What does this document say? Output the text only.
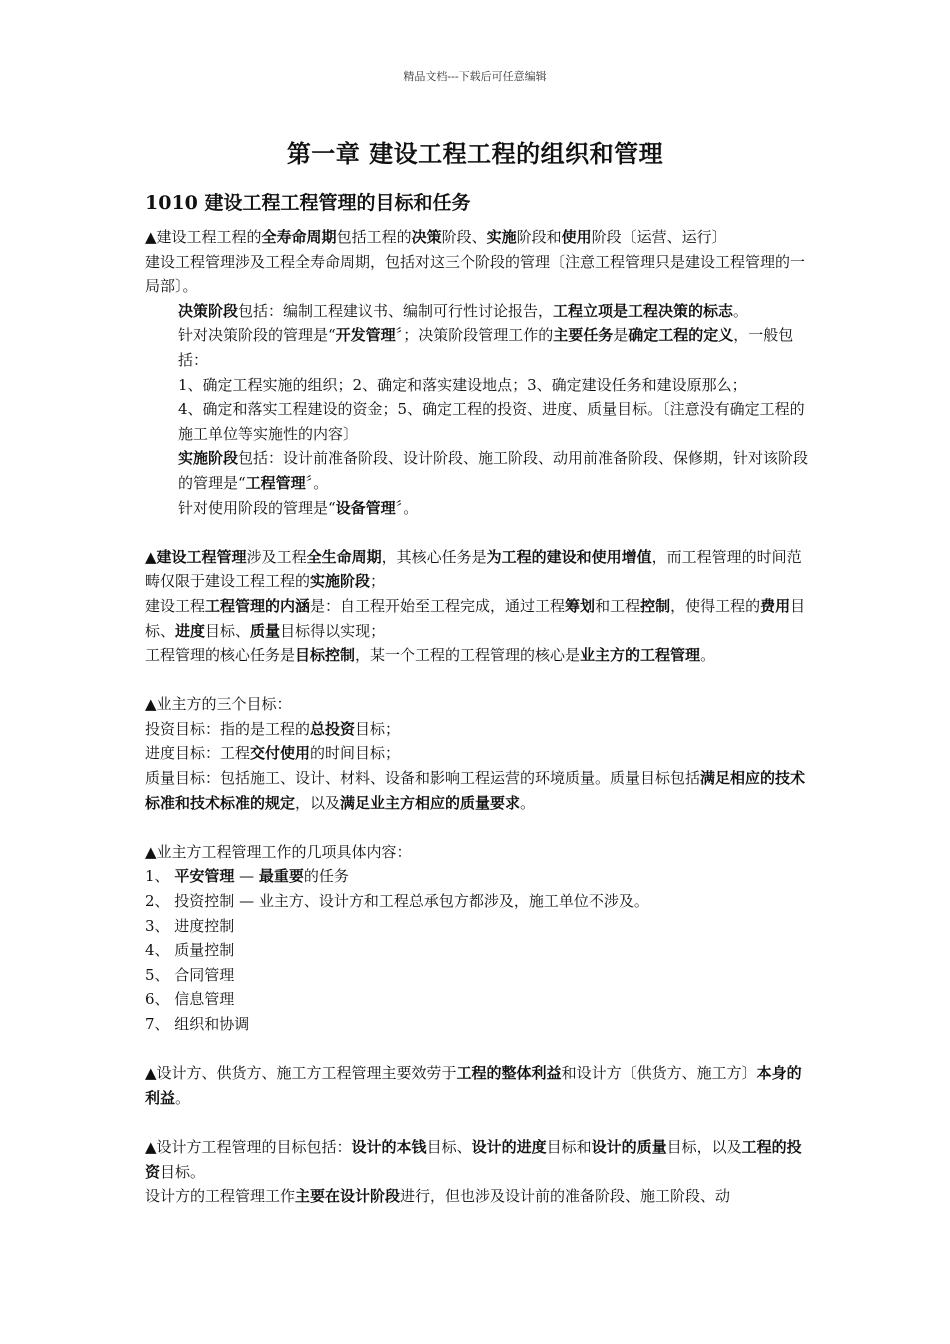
精品文档---下载后可任意编辑
第一章 建设工程工程的组织和管理
1010 建设工程工程管理的目标和任务

▲建设工程工程的全寿命周期包括工程的决策阶段、实施阶段和使用阶段〔运营、运行〕

建设工程管理涉及工程全寿命周期，包括对这三个阶段的管理〔注意工程管理只是建设工程管理的一局部〕。

决策阶段包括：编制工程建议书、编制可行性讨论报告，工程立项是工程决策的标志。

针对决策阶段的管理是“开发管理〞；决策阶段管理工作的主要任务是确定工程的定义，一般包括：

1、确定工程实施的组织；2、确定和落实建设地点；3、确定建设任务和建设原那么；

4、确定和落实工程建设的资金；5、确定工程的投资、进度、质量目标。〔注意没有确定工程的施工单位等实施性的内容〕

实施阶段包括：设计前准备阶段、设计阶段、施工阶段、动用前准备阶段、保修期，针对该阶段的管理是“工程管理〞。

针对使用阶段的管理是“设备管理〞。

▲建设工程管理涉及工程全生命周期，其核心任务是为工程的建设和使用增值，而工程管理的时间范畴仅限于建设工程工程的实施阶段；

建设工程工程管理的内涵是：自工程开始至工程完成，通过工程筹划和工程控制，使得工程的费用目标、进度目标、质量目标得以实现；

工程管理的核心任务是目标控制，某一个工程的工程管理的核心是业主方的工程管理。

▲业主方的三个目标：

投资目标：指的是工程的总投资目标；

进度目标：工程交付使用的时间目标；

质量目标：包括施工、设计、材料、设备和影响工程运营的环境质量。质量目标包括满足相应的技术标准和技术标准的规定，以及满足业主方相应的质量要求。

▲业主方工程管理工作的几项具体内容：

1、 平安管理 — 最重要的任务

2、 投资控制 — 业主方、设计方和工程总承包方都涉及，施工单位不涉及。

3、 进度控制

4、 质量控制

5、 合同管理

6、 信息管理

7、 组织和协调

▲设计方、供货方、施工方工程管理主要效劳于工程的整体利益和设计方〔供货方、施工方〕本身的利益。

▲设计方工程管理的目标包括：设计的本钱目标、设计的进度目标和设计的质量目标，以及工程的投资目标。

设计方的工程管理工作主要在设计阶段进行，但也涉及设计前的准备阶段、施工阶段、动
